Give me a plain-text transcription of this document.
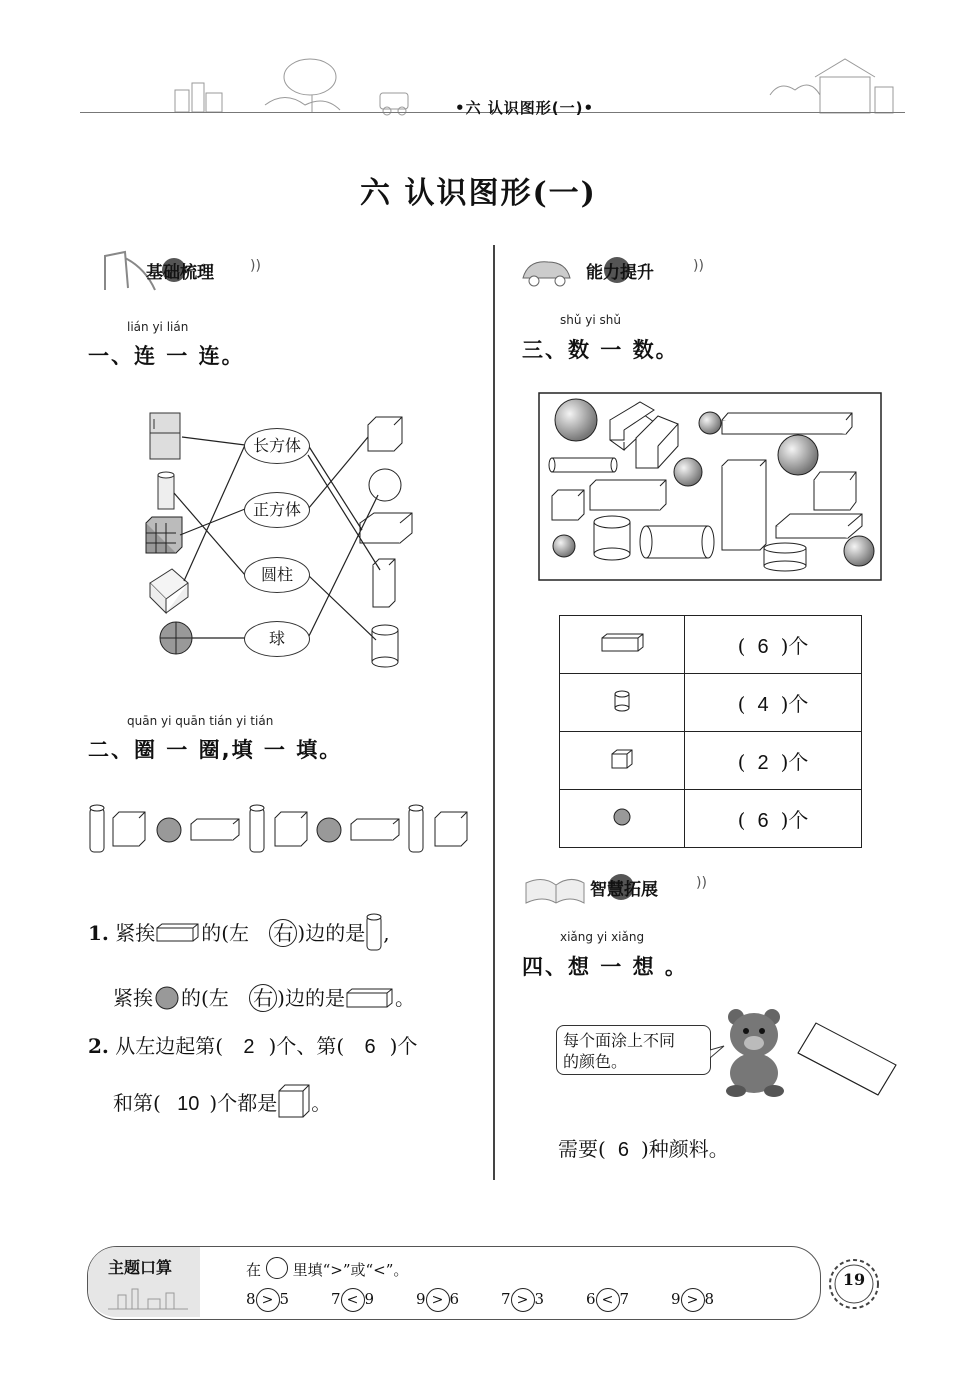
•六 认识图形(一)•
六 认识图形(一)
基础梳理	))	能力提升	))
智慧拓展	))
lián yi lián
一、连 一 连。
长方体
正方体
圆柱
球
quān yi quān tián yi tián
二、圈 一 圈,填 一 填。
1. 紧挨 的(左 右 )边的是 ,
紧挨 的(左 右 )边的是	。
2. 从左边起第( 2 )个、第( 6 )个
和第( 10 )个都是 。
shǔ yi shǔ
三、数 一 数。
	( 6 )个
	( 4 )个
	( 2 )个
	( 6 )个
xiǎng yi xiǎng
四、想 一 想 。
每个面涂上不同
的颜色。
需要( 6 )种颜料。
主题口算	在 里填“>”或“<”。
8 > 5	7 < 9	9 > 6	7 > 3	6 < 7	9 > 8
19
